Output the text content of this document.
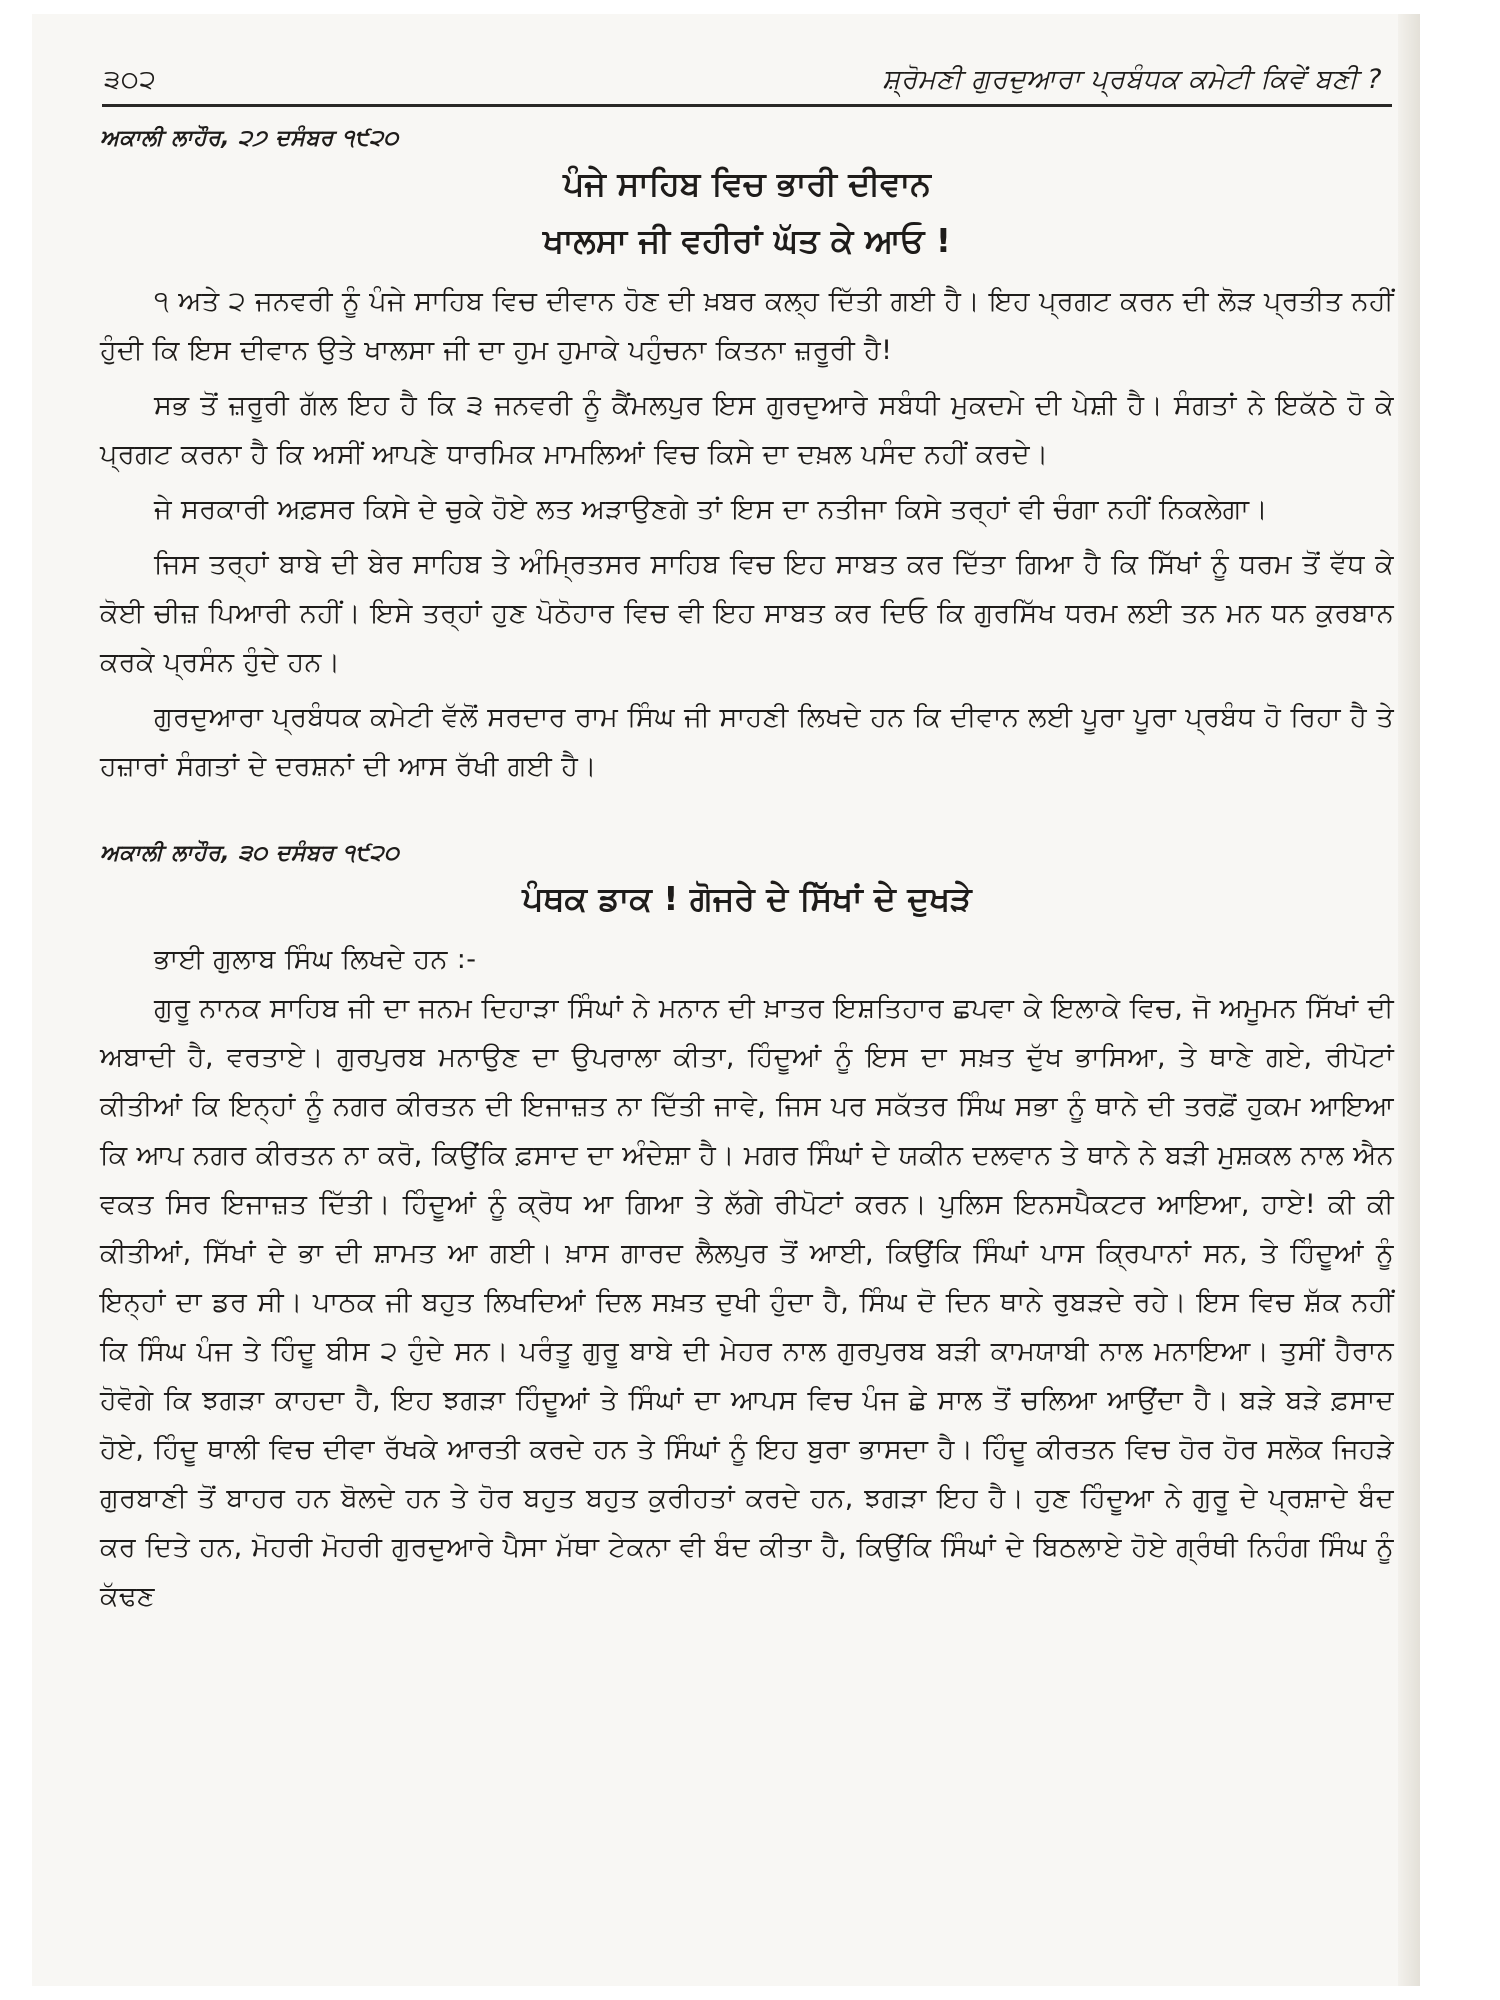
੩੦੨	ਸ਼੍ਰੋਮਣੀ ਗੁਰਦੁਆਰਾ ਪ੍ਰਬੰਧਕ ਕਮੇਟੀ ਕਿਵੇਂ ਬਣੀ ?
ਅਕਾਲੀ ਲਾਹੌਰ, ੨੭ ਦਸੰਬਰ ੧੯੨੦
ਪੰਜੇ ਸਾਹਿਬ ਵਿਚ ਭਾਰੀ ਦੀਵਾਨ
ਖਾਲਸਾ ਜੀ ਵਹੀਰਾਂ ਘੱਤ ਕੇ ਆਓ !

੧ ਅਤੇ ੨ ਜਨਵਰੀ ਨੂੰ ਪੰਜੇ ਸਾਹਿਬ ਵਿਚ ਦੀਵਾਨ ਹੋਣ ਦੀ ਖ਼ਬਰ ਕਲ੍ਹ ਦਿੱਤੀ ਗਈ ਹੈ। ਇਹ ਪ੍ਰਗਟ ਕਰਨ ਦੀ ਲੋੜ ਪ੍ਰਤੀਤ ਨਹੀਂ ਹੁੰਦੀ ਕਿ ਇਸ ਦੀਵਾਨ ਉਤੇ ਖਾਲਸਾ ਜੀ ਦਾ ਹੁਮ ਹੁਮਾਕੇ ਪਹੁੰਚਨਾ ਕਿਤਨਾ ਜ਼ਰੂਰੀ ਹੈ!

ਸਭ ਤੋਂ ਜ਼ਰੂਰੀ ਗੱਲ ਇਹ ਹੈ ਕਿ ੩ ਜਨਵਰੀ ਨੂੰ ਕੈਂਮਲਪੁਰ ਇਸ ਗੁਰਦੁਆਰੇ ਸਬੰਧੀ ਮੁਕਦਮੇ ਦੀ ਪੇਸ਼ੀ ਹੈ। ਸੰਗਤਾਂ ਨੇ ਇਕੱਠੇ ਹੋ ਕੇ ਪ੍ਰਗਟ ਕਰਨਾ ਹੈ ਕਿ ਅਸੀਂ ਆਪਣੇ ਧਾਰਮਿਕ ਮਾਮਲਿਆਂ ਵਿਚ ਕਿਸੇ ਦਾ ਦਖ਼ਲ ਪਸੰਦ ਨਹੀਂ ਕਰਦੇ।

ਜੇ ਸਰਕਾਰੀ ਅਫ਼ਸਰ ਕਿਸੇ ਦੇ ਚੁਕੇ ਹੋਏ ਲਤ ਅੜਾਉਣਗੇ ਤਾਂ ਇਸ ਦਾ ਨਤੀਜਾ ਕਿਸੇ ਤਰ੍ਹਾਂ ਵੀ ਚੰਗਾ ਨਹੀਂ ਨਿਕਲੇਗਾ।

ਜਿਸ ਤਰ੍ਹਾਂ ਬਾਬੇ ਦੀ ਬੇਰ ਸਾਹਿਬ ਤੇ ਅੰਮ੍ਰਿਤਸਰ ਸਾਹਿਬ ਵਿਚ ਇਹ ਸਾਬਤ ਕਰ ਦਿੱਤਾ ਗਿਆ ਹੈ ਕਿ ਸਿੱਖਾਂ ਨੂੰ ਧਰਮ ਤੋਂ ਵੱਧ ਕੇ ਕੋਈ ਚੀਜ਼ ਪਿਆਰੀ ਨਹੀਂ। ਇਸੇ ਤਰ੍ਹਾਂ ਹੁਣ ਪੋਠੋਹਾਰ ਵਿਚ ਵੀ ਇਹ ਸਾਬਤ ਕਰ ਦਿਓ ਕਿ ਗੁਰਸਿੱਖ ਧਰਮ ਲਈ ਤਨ ਮਨ ਧਨ ਕੁਰਬਾਨ ਕਰਕੇ ਪ੍ਰਸੰਨ ਹੁੰਦੇ ਹਨ।

ਗੁਰਦੁਆਰਾ ਪ੍ਰਬੰਧਕ ਕਮੇਟੀ ਵੱਲੋਂ ਸਰਦਾਰ ਰਾਮ ਸਿੰਘ ਜੀ ਸਾਹਣੀ ਲਿਖਦੇ ਹਨ ਕਿ ਦੀਵਾਨ ਲਈ ਪੂਰਾ ਪੂਰਾ ਪ੍ਰਬੰਧ ਹੋ ਰਿਹਾ ਹੈ ਤੇ ਹਜ਼ਾਰਾਂ ਸੰਗਤਾਂ ਦੇ ਦਰਸ਼ਨਾਂ ਦੀ ਆਸ ਰੱਖੀ ਗਈ ਹੈ।

ਅਕਾਲੀ ਲਾਹੌਰ, ੩੦ ਦਸੰਬਰ ੧੯੨੦
ਪੰਥਕ ਡਾਕ ! ਗੋਜਰੇ ਦੇ ਸਿੱਖਾਂ ਦੇ ਦੁਖੜੇ

ਭਾਈ ਗੁਲਾਬ ਸਿੰਘ ਲਿਖਦੇ ਹਨ :-

ਗੁਰੂ ਨਾਨਕ ਸਾਹਿਬ ਜੀ ਦਾ ਜਨਮ ਦਿਹਾੜਾ ਸਿੰਘਾਂ ਨੇ ਮਨਾਨ ਦੀ ਖ਼ਾਤਰ ਇਸ਼ਤਿਹਾਰ ਛਪਵਾ ਕੇ ਇਲਾਕੇ ਵਿਚ, ਜੋ ਅਮੂਮਨ ਸਿੱਖਾਂ ਦੀ ਅਬਾਦੀ ਹੈ, ਵਰਤਾਏ। ਗੁਰਪੁਰਬ ਮਨਾਉਣ ਦਾ ਉਪਰਾਲਾ ਕੀਤਾ, ਹਿੰਦੂਆਂ ਨੂੰ ਇਸ ਦਾ ਸਖ਼ਤ ਦੁੱਖ ਭਾਸਿਆ, ਤੇ ਥਾਣੇ ਗਏ, ਰੀਪੋਟਾਂ ਕੀਤੀਆਂ ਕਿ ਇਨ੍ਹਾਂ ਨੂੰ ਨਗਰ ਕੀਰਤਨ ਦੀ ਇਜਾਜ਼ਤ ਨਾ ਦਿੱਤੀ ਜਾਵੇ, ਜਿਸ ਪਰ ਸਕੱਤਰ ਸਿੰਘ ਸਭਾ ਨੂੰ ਥਾਨੇ ਦੀ ਤਰਫ਼ੋਂ ਹੁਕਮ ਆਇਆ ਕਿ ਆਪ ਨਗਰ ਕੀਰਤਨ ਨਾ ਕਰੋ, ਕਿਉਂਕਿ ਫ਼ਸਾਦ ਦਾ ਅੰਦੇਸ਼ਾ ਹੈ। ਮਗਰ ਸਿੰਘਾਂ ਦੇ ਯਕੀਨ ਦਲਵਾਨ ਤੇ ਥਾਨੇ ਨੇ ਬੜੀ ਮੁਸ਼ਕਲ ਨਾਲ ਐਨ ਵਕਤ ਸਿਰ ਇਜਾਜ਼ਤ ਦਿੱਤੀ। ਹਿੰਦੂਆਂ ਨੂੰ ਕ੍ਰੋਧ ਆ ਗਿਆ ਤੇ ਲੱਗੇ ਰੀਪੋਟਾਂ ਕਰਨ। ਪੁਲਿਸ ਇਨਸਪੈਕਟਰ ਆਇਆ, ਹਾਏ! ਕੀ ਕੀ ਕੀਤੀਆਂ, ਸਿੱਖਾਂ ਦੇ ਭਾ ਦੀ ਸ਼ਾਮਤ ਆ ਗਈ। ਖ਼ਾਸ ਗਾਰਦ ਲੈਲਪੁਰ ਤੋਂ ਆਈ, ਕਿਉਂਕਿ ਸਿੰਘਾਂ ਪਾਸ ਕ੍ਰਿਪਾਨਾਂ ਸਨ, ਤੇ ਹਿੰਦੂਆਂ ਨੂੰ ਇਨ੍ਹਾਂ ਦਾ ਡਰ ਸੀ। ਪਾਠਕ ਜੀ ਬਹੁਤ ਲਿਖਦਿਆਂ ਦਿਲ ਸਖ਼ਤ ਦੁਖੀ ਹੁੰਦਾ ਹੈ, ਸਿੰਘ ਦੋ ਦਿਨ ਥਾਨੇ ਰੁਬੜਦੇ ਰਹੇ। ਇਸ ਵਿਚ ਸ਼ੱਕ ਨਹੀਂ ਕਿ ਸਿੰਘ ਪੰਜ ਤੇ ਹਿੰਦੂ ਬੀਸ ੨ ਹੁੰਦੇ ਸਨ। ਪਰੰਤੂ ਗੁਰੂ ਬਾਬੇ ਦੀ ਮੇਹਰ ਨਾਲ ਗੁਰਪੁਰਬ ਬੜੀ ਕਾਮਯਾਬੀ ਨਾਲ ਮਨਾਇਆ। ਤੁਸੀਂ ਹੈਰਾਨ ਹੋਵੋਗੇ ਕਿ ਝਗੜਾ ਕਾਹਦਾ ਹੈ, ਇਹ ਝਗੜਾ ਹਿੰਦੂਆਂ ਤੇ ਸਿੰਘਾਂ ਦਾ ਆਪਸ ਵਿਚ ਪੰਜ ਛੇ ਸਾਲ ਤੋਂ ਚਲਿਆ ਆਉਂਦਾ ਹੈ। ਬੜੇ ਬੜੇ ਫ਼ਸਾਦ ਹੋਏ, ਹਿੰਦੂ ਥਾਲੀ ਵਿਚ ਦੀਵਾ ਰੱਖਕੇ ਆਰਤੀ ਕਰਦੇ ਹਨ ਤੇ ਸਿੰਘਾਂ ਨੂੰ ਇਹ ਬੁਰਾ ਭਾਸਦਾ ਹੈ। ਹਿੰਦੂ ਕੀਰਤਨ ਵਿਚ ਹੋਰ ਹੋਰ ਸਲੋਕ ਜਿਹੜੇ ਗੁਰਬਾਣੀ ਤੋਂ ਬਾਹਰ ਹਨ ਬੋਲਦੇ ਹਨ ਤੇ ਹੋਰ ਬਹੁਤ ਬਹੁਤ ਕੁਰੀਹਤਾਂ ਕਰਦੇ ਹਨ, ਝਗੜਾ ਇਹ ਹੈ। ਹੁਣ ਹਿੰਦੂਆ ਨੇ ਗੁਰੂ ਦੇ ਪ੍ਰਸ਼ਾਦੇ ਬੰਦ ਕਰ ਦਿਤੇ ਹਨ, ਮੋਹਰੀ ਮੋਹਰੀ ਗੁਰਦੁਆਰੇ ਪੈਸਾ ਮੱਥਾ ਟੇਕਨਾ ਵੀ ਬੰਦ ਕੀਤਾ ਹੈ, ਕਿਉਂਕਿ ਸਿੰਘਾਂ ਦੇ ਬਿਠਲਾਏ ਹੋਏ ਗ੍ਰੰਥੀ ਨਿਹੰਗ ਸਿੰਘ ਨੂੰ ਕੱਢਣ
